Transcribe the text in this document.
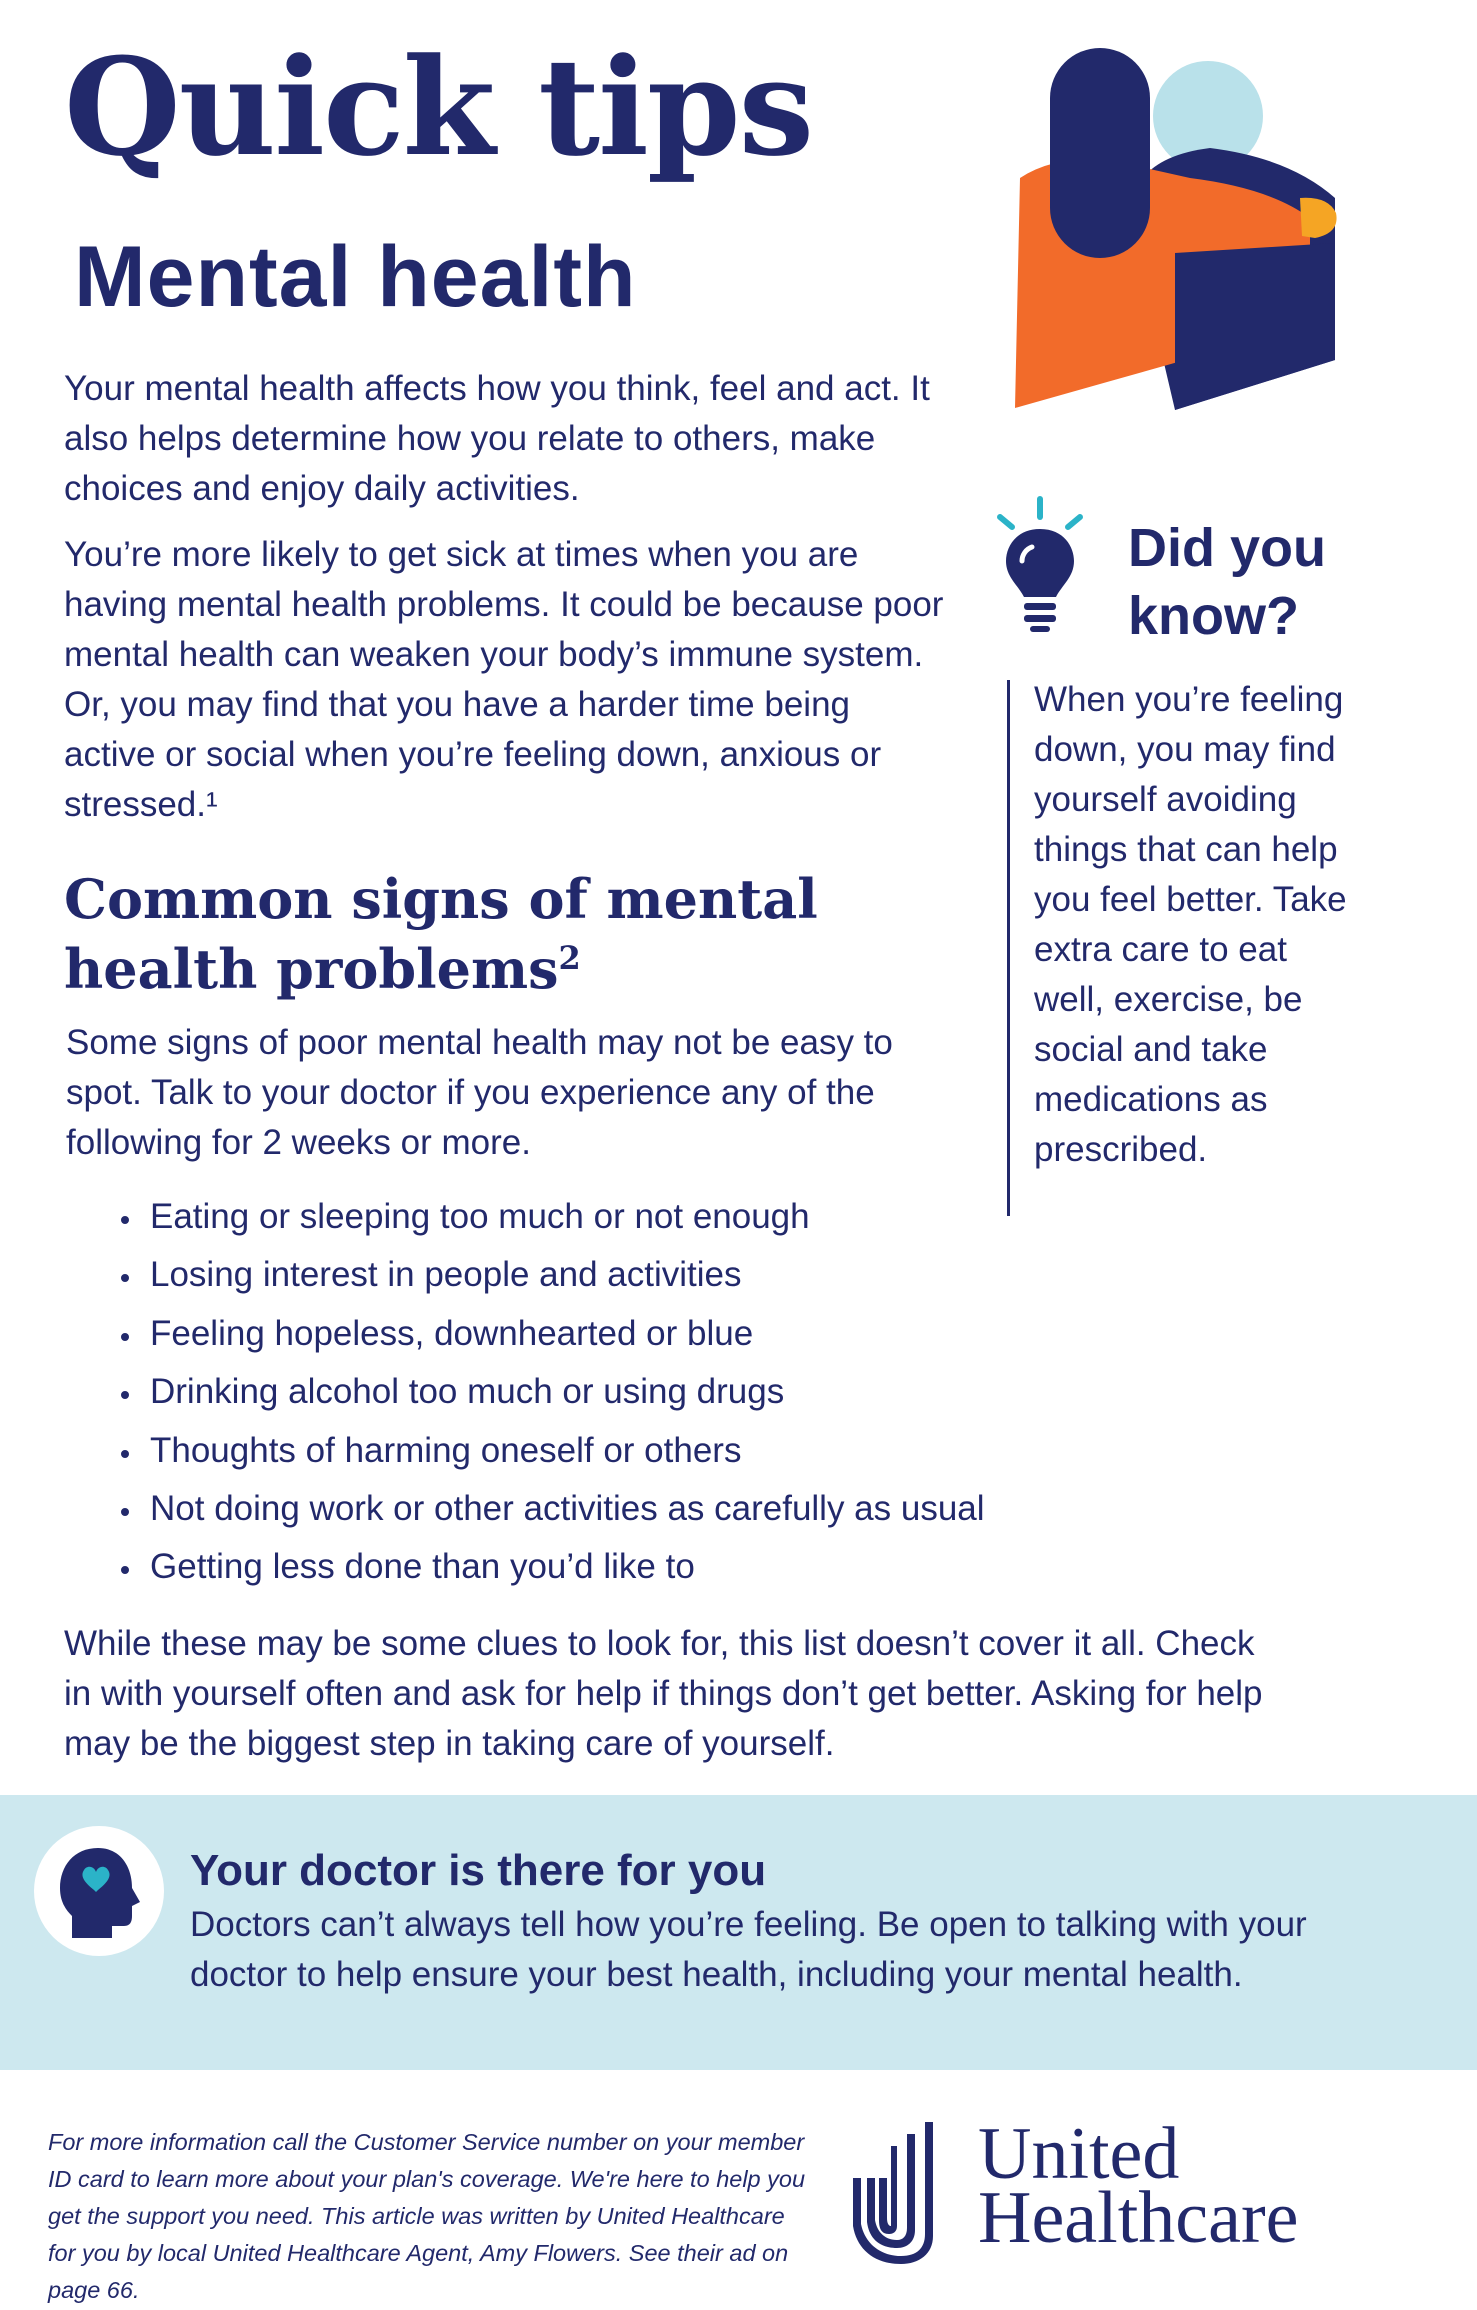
Quick tips
Mental health

Your mental health affects how you think, feel and act. It also helps determine how you relate to others, make choices and enjoy daily activities.

You’re more likely to get sick at times when you are having mental health problems. It could be because poor mental health can weaken your body’s immune system. Or, you may find that you have a harder time being active or social when you’re feeling down, anxious or stressed.¹

Common signs of mental health problems$^2$

Some signs of poor mental health may not be easy to spot. Talk to your doctor if you experience any of the following for 2 weeks or more.

• Eating or sleeping too much or not enough
• Losing interest in people and activities
• Feeling hopeless, downhearted or blue
• Drinking alcohol too much or using drugs
• Thoughts of harming oneself or others
• Not doing work or other activities as carefully as usual
• Getting less done than you’d like to

While these may be some clues to look for, this list doesn’t cover it all. Check in with yourself often and ask for help if things don’t get better. Asking for help may be the biggest step in taking care of yourself.

Did you know?
When you’re feeling down, you may find yourself avoiding things that can help you feel better. Take extra care to eat well, exercise, be social and take medications as prescribed.
Your doctor is there for you
Doctors can’t always tell how you’re feeling. Be open to talking with your doctor to help ensure your best health, including your mental health.
For more information call the Customer Service number on your member ID card to learn more about your plan's coverage. We're here to help you get the support you need. This article was written by United Healthcare for you by local United Healthcare Agent, Amy Flowers. See their ad on page 66.
United
Healthcare
